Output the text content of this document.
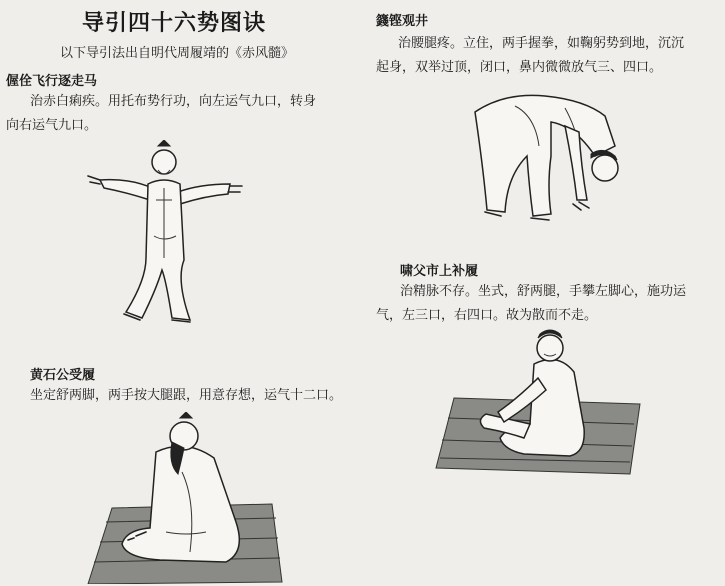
导引四十六势图诀
以下导引法出自明代周履靖的《赤风髓》
偓佺飞行逐走马
治赤白痢疾。用托布势行功，向左运气九口，转身
向右运气九口。
黄石公受履
坐定舒两脚，两手按大腿跟，用意存想，运气十二口。
籛铿观井
治腰腿疼。立住，两手握拳，如鞠躬势到地，沉沉
起身，双举过顶，闭口，鼻内微微放气三、四口。
啸父市上补履
治精脉不存。坐式，舒两腿，手攀左脚心，施功运
气，左三口，右四口。故为散而不走。
